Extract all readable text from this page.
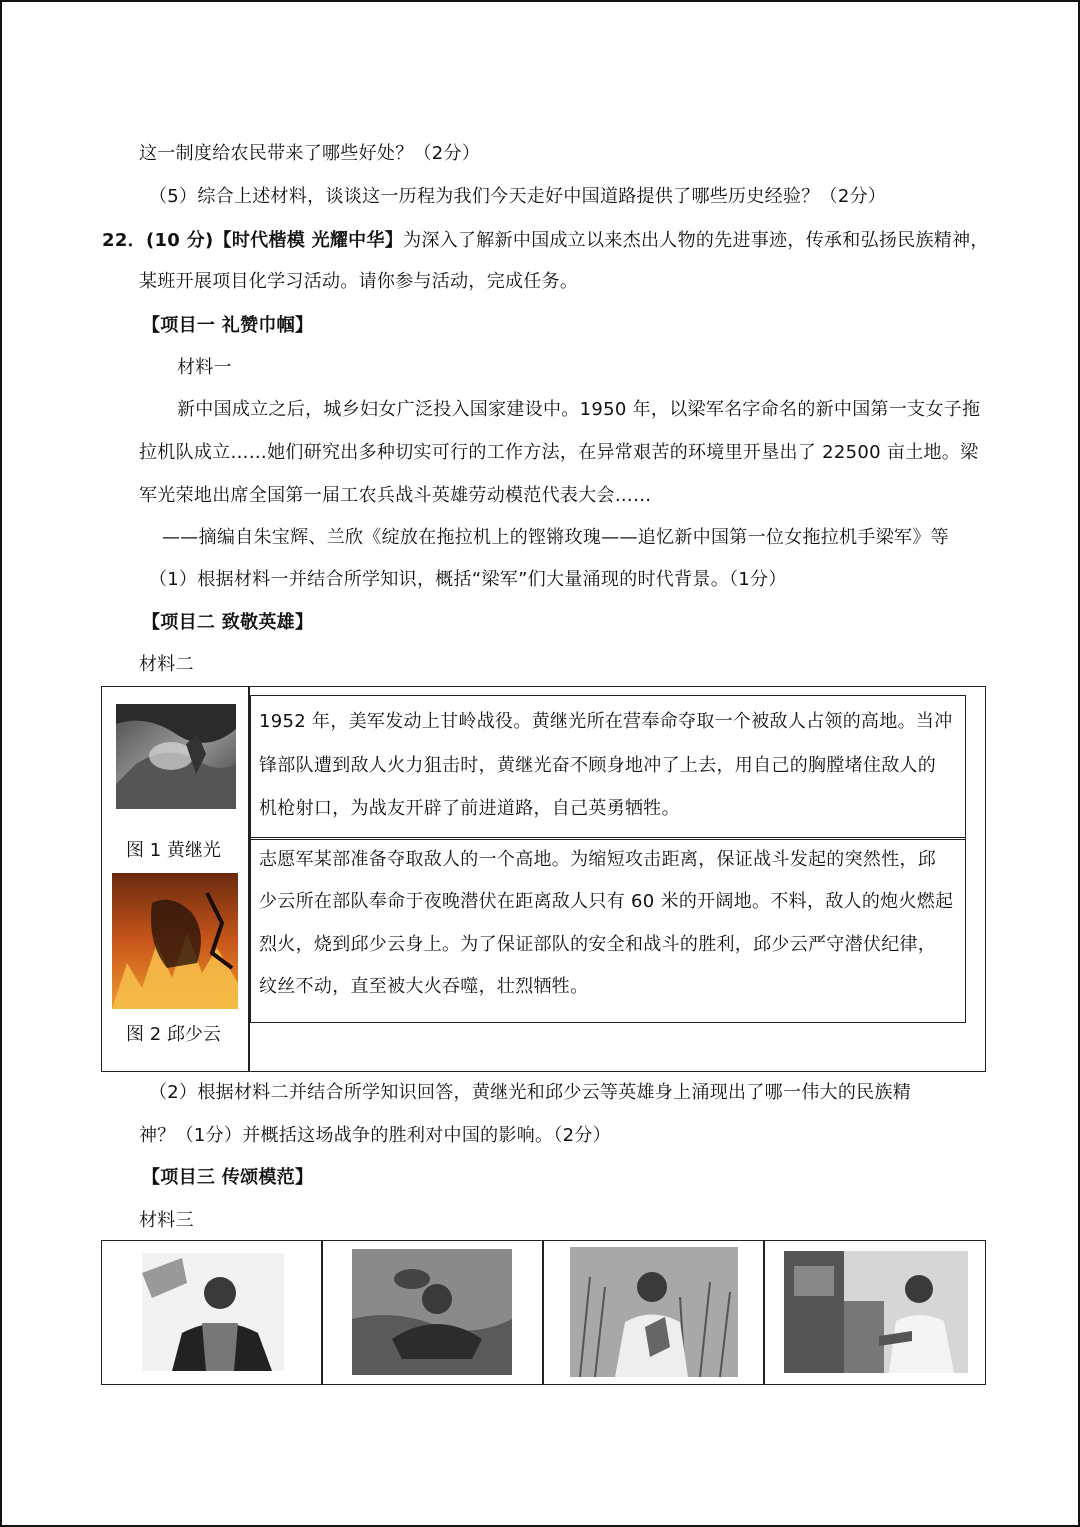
这一制度给农民带来了哪些好处？（2分）
（5）综合上述材料，谈谈这一历程为我们今天走好中国道路提供了哪些历史经验？（2分）
22．(10 分)【时代楷模 光耀中华】为深入了解新中国成立以来杰出人物的先进事迹，传承和弘扬民族精神，
某班开展项目化学习活动。请你参与活动，完成任务。
【项目一 礼赞巾帼】
材料一
新中国成立之后，城乡妇女广泛投入国家建设中。1950 年，以梁军名字命名的新中国第一支女子拖
拉机队成立……她们研究出多种切实可行的工作方法，在异常艰苦的环境里开垦出了 22500 亩土地。梁
军光荣地出席全国第一届工农兵战斗英雄劳动模范代表大会……
——摘编自朱宝辉、兰欣《绽放在拖拉机上的铿锵玫瑰——追忆新中国第一位女拖拉机手梁军》等
（1）根据材料一并结合所学知识，概括“梁军”们大量涌现的时代背景。（1分）
【项目二 致敬英雄】
材料二
图 1 黄继光
图 2 邱少云
1952 年，美军发动上甘岭战役。黄继光所在营奉命夺取一个被敌人占领的高地。当冲
锋部队遭到敌人火力狙击时，黄继光奋不顾身地冲了上去，用自己的胸膛堵住敌人的
机枪射口，为战友开辟了前进道路，自己英勇牺牲。
志愿军某部准备夺取敌人的一个高地。为缩短攻击距离，保证战斗发起的突然性，邱
少云所在部队奉命于夜晚潜伏在距离敌人只有 60 米的开阔地。不料，敌人的炮火燃起
烈火，烧到邱少云身上。为了保证部队的安全和战斗的胜利，邱少云严守潜伏纪律，
纹丝不动，直至被大火吞噬，壮烈牺牲。
（2）根据材料二并结合所学知识回答，黄继光和邱少云等英雄身上涌现出了哪一伟大的民族精
神？（1分）并概括这场战争的胜利对中国的影响。（2分）
【项目三 传颂模范】
材料三
